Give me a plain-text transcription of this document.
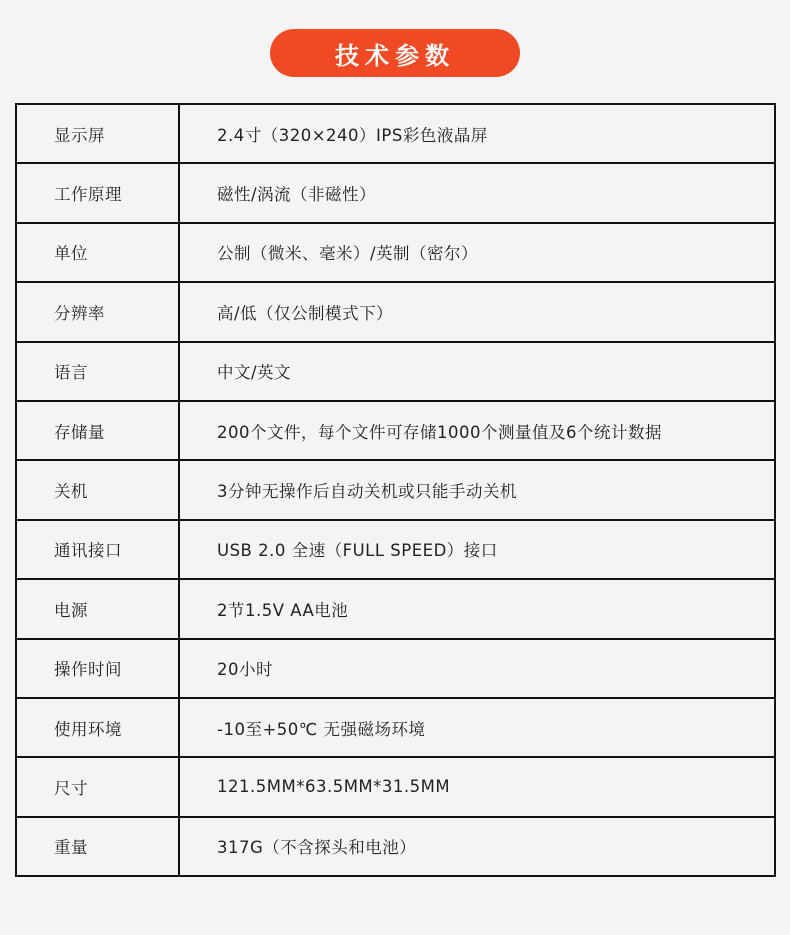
技术参数
显示屏	2.4寸（320×240）IPS彩色液晶屏
工作原理	磁性/涡流（非磁性）
单位	公制（微米、毫米）/英制（密尔）
分辨率	高/低（仅公制模式下）
语言	中文/英文
存储量	200个文件，每个文件可存储1000个测量值及6个统计数据
关机	3分钟无操作后自动关机或只能手动关机
通讯接口	USB 2.0 全速（FULL SPEED）接口
电源	2节1.5V AA电池
操作时间	20小时
使用环境	-10至+50℃ 无强磁场环境
尺寸	121.5MM*63.5MM*31.5MM
重量	317G（不含探头和电池）
